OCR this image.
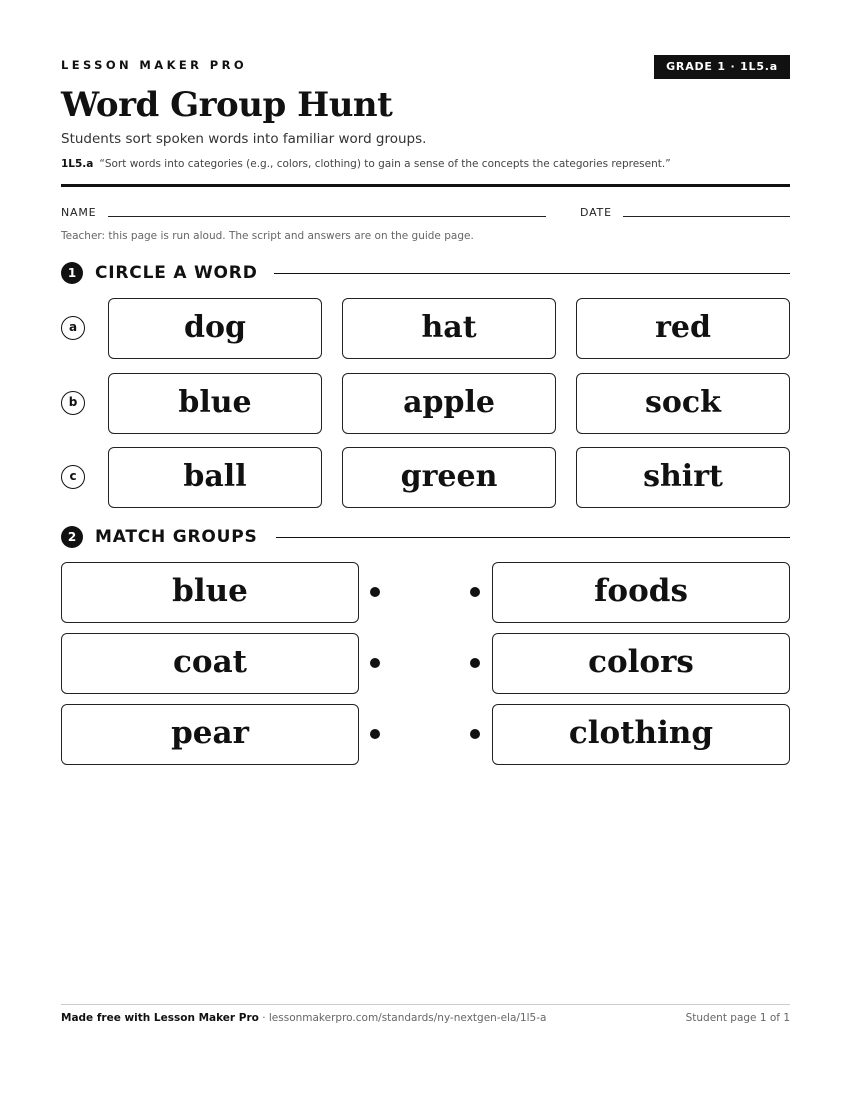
LESSON MAKER PRO	GRADE 1 · 1L5.a
Word Group Hunt
Students sort spoken words into familiar word groups.
1L5.a “Sort words into categories (e.g., colors, clothing) to gain a sense of the concepts the categories represent.”
NAME	DATE
Teacher: this page is run aloud. The script and answers are on the guide page.
1	CIRCLE A WORD
a	dog	hat	red
b	blue	apple	sock
c	ball	green	shirt
2	MATCH GROUPS
blue	foods
coat	colors
pear	clothing
Made free with Lesson Maker Pro · lessonmakerpro.com/standards/ny-nextgen-ela/1l5-a	Student page 1 of 1
